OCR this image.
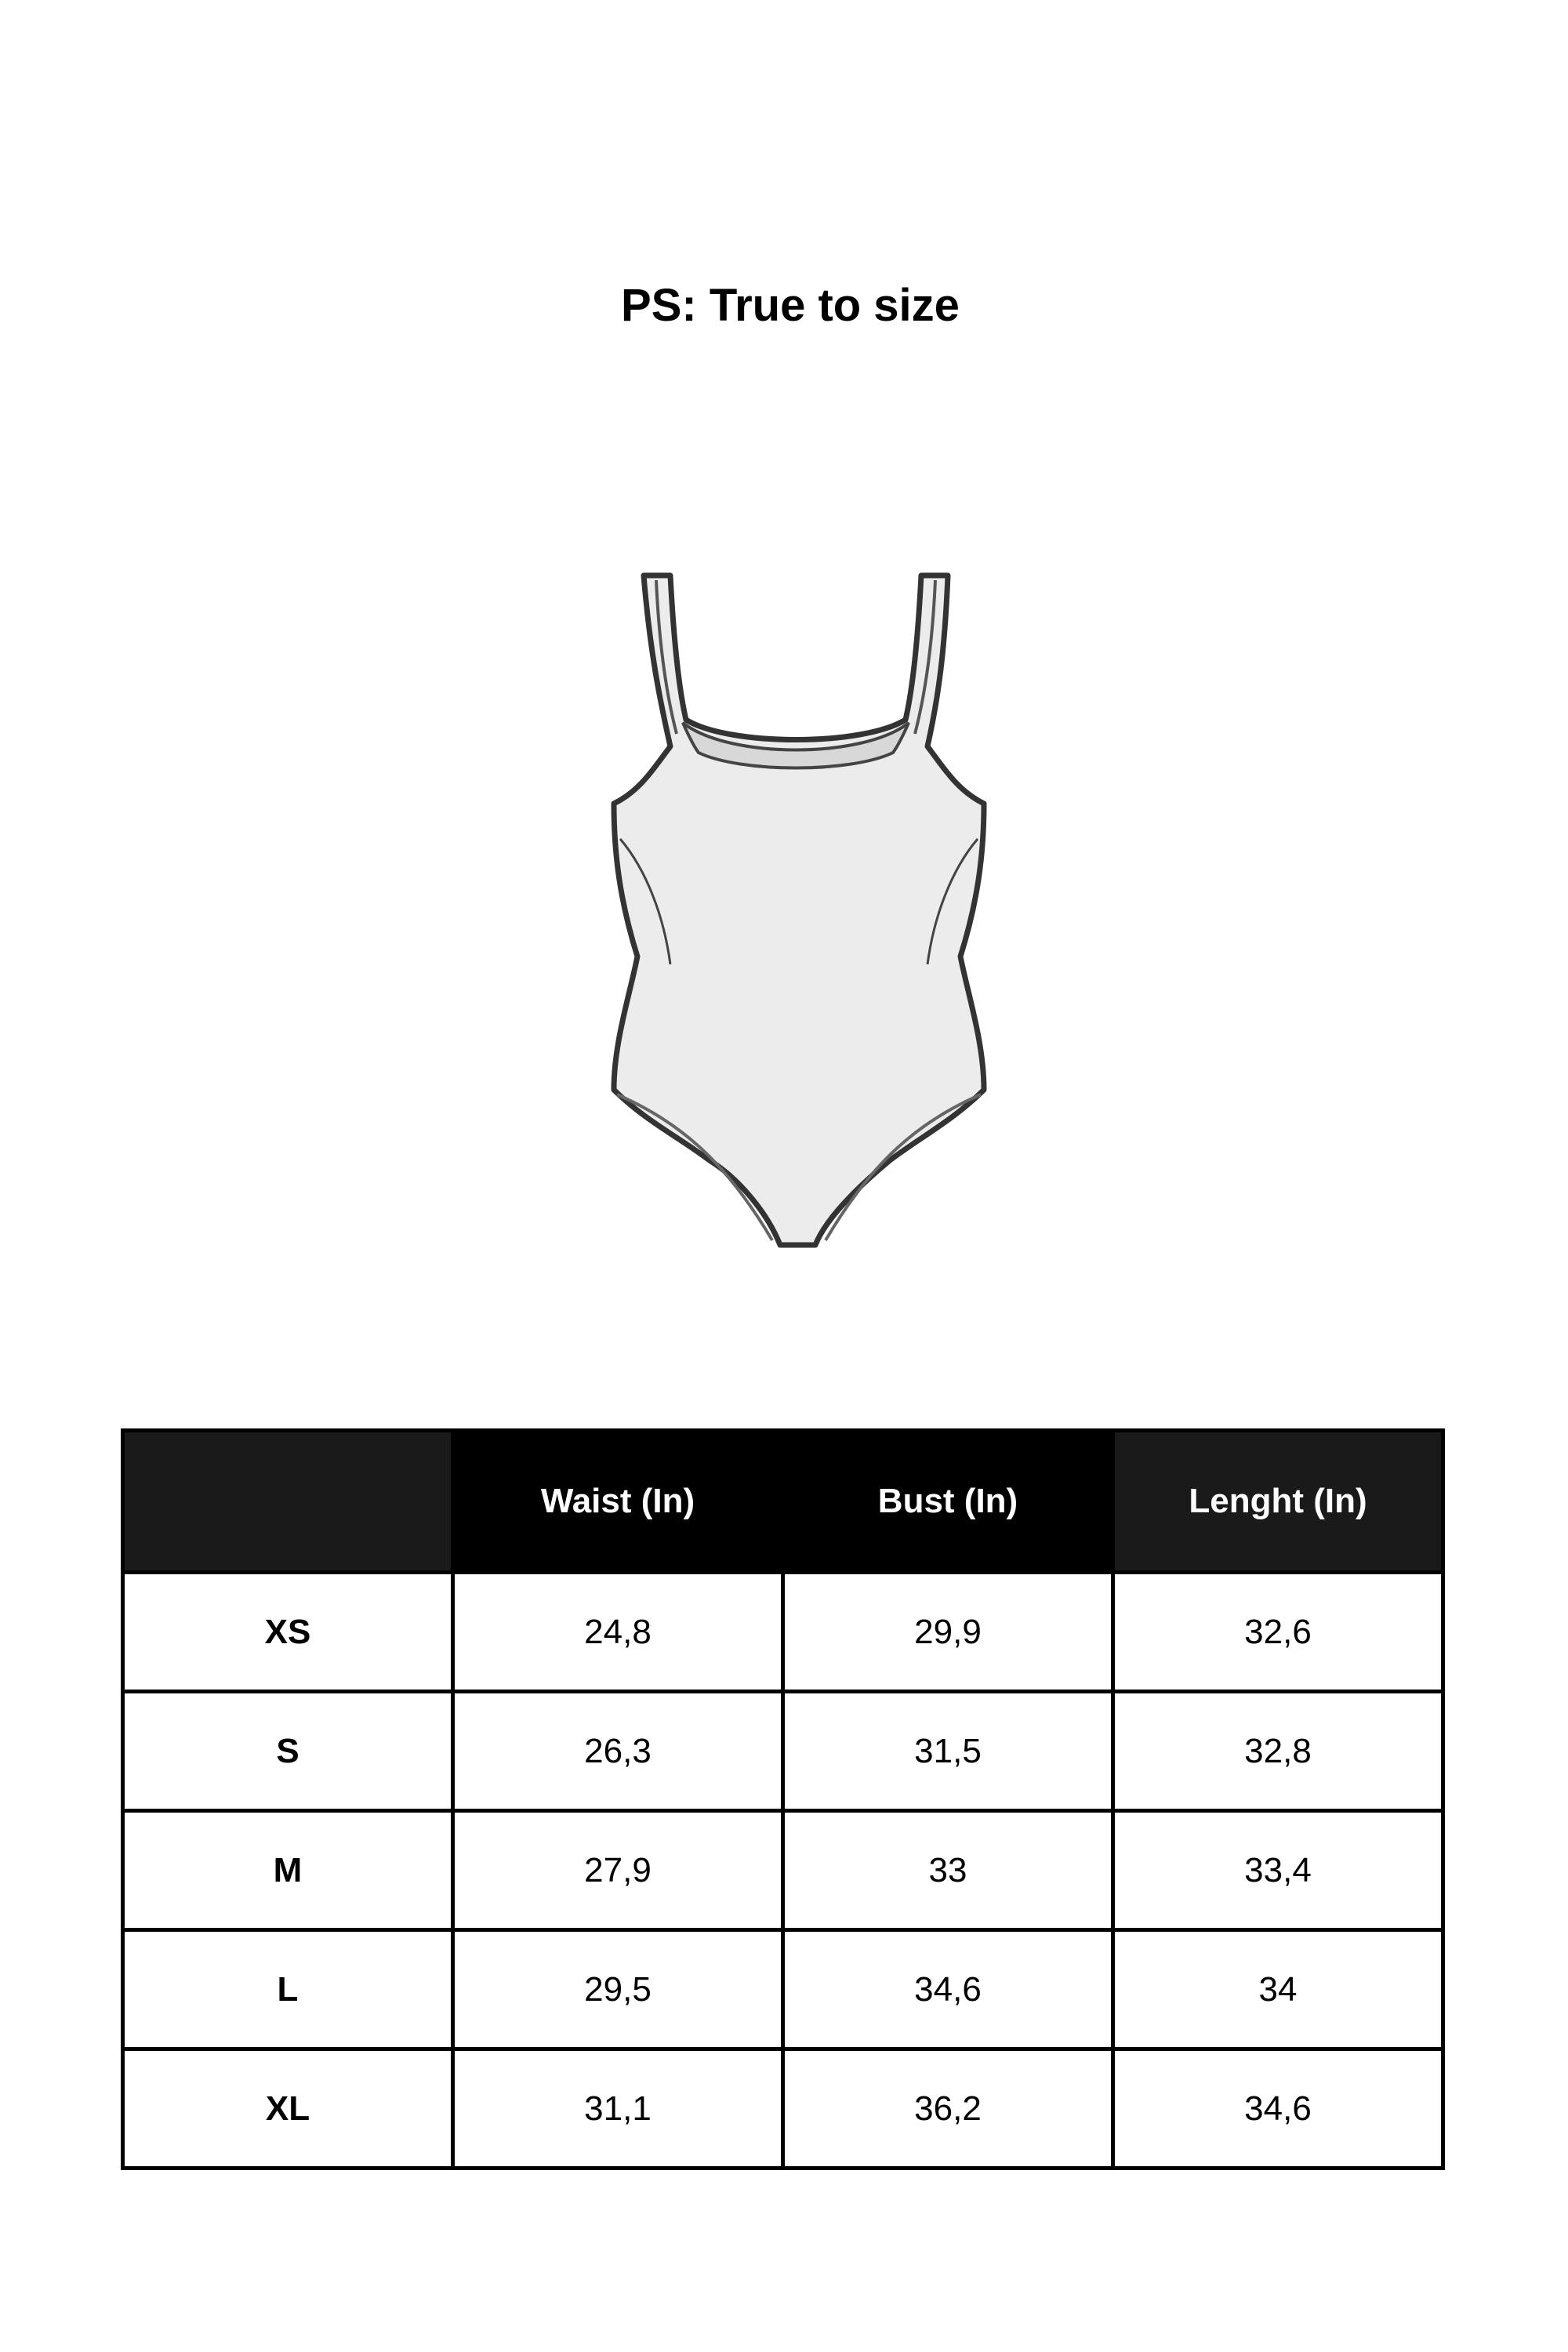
PS: True to size
	Waist (In)	Bust (In)	Lenght (In)
XS	24,8	29,9	32,6
S	26,3	31,5	32,8
M	27,9	33	33,4
L	29,5	34,6	34
XL	31,1	36,2	34,6
